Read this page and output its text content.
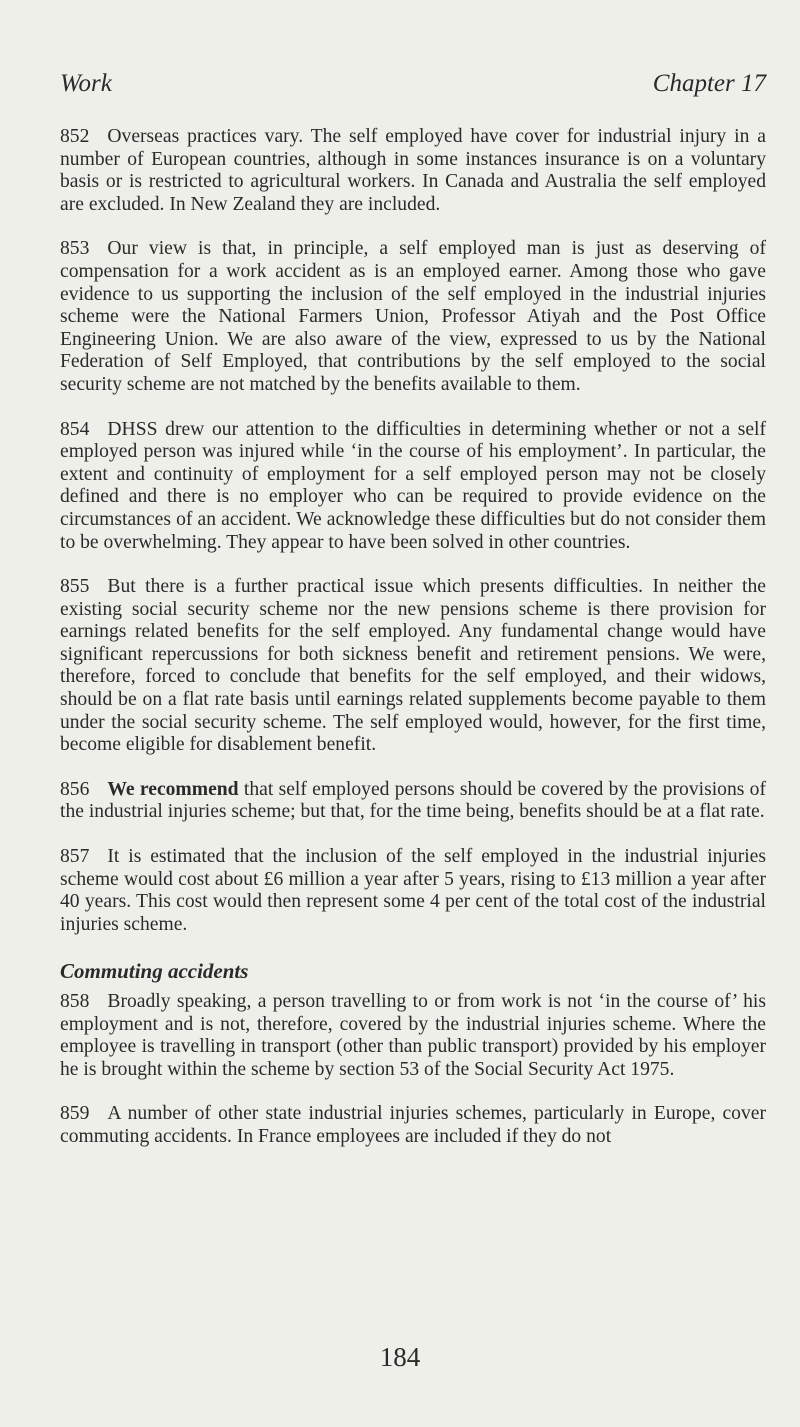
Work	Chapter 17

852 Overseas practices vary. The self employed have cover for industrial injury in a number of European countries, although in some instances insurance is on a voluntary basis or is restricted to agricultural workers. In Canada and Australia the self employed are excluded. In New Zealand they are included.

853 Our view is that, in principle, a self employed man is just as deserving of compensation for a work accident as is an employed earner. Among those who gave evidence to us supporting the inclusion of the self employed in the industrial injuries scheme were the National Farmers Union, Professor Atiyah and the Post Office Engineering Union. We are also aware of the view, expressed to us by the National Federation of Self Employed, that contributions by the self employed to the social security scheme are not matched by the benefits available to them.

854 DHSS drew our attention to the difficulties in determining whether or not a self employed person was injured while ‘in the course of his employment’. In particular, the extent and continuity of employment for a self employed person may not be closely defined and there is no employer who can be required to provide evidence on the circumstances of an accident. We acknowledge these difficulties but do not consider them to be overwhelming. They appear to have been solved in other countries.

855 But there is a further practical issue which presents difficulties. In neither the existing social security scheme nor the new pensions scheme is there provision for earnings related benefits for the self employed. Any fundamental change would have significant repercussions for both sickness benefit and retirement pensions. We were, therefore, forced to conclude that benefits for the self employed, and their widows, should be on a flat rate basis until earnings related supplements become payable to them under the social security scheme. The self employed would, however, for the first time, become eligible for disablement benefit.

856 We recommend that self employed persons should be covered by the provisions of the industrial injuries scheme; but that, for the time being, benefits should be at a flat rate.

857 It is estimated that the inclusion of the self employed in the industrial injuries scheme would cost about £6 million a year after 5 years, rising to £13 million a year after 40 years. This cost would then represent some 4 per cent of the total cost of the industrial injuries scheme.

Commuting accidents

858 Broadly speaking, a person travelling to or from work is not ‘in the course of’ his employment and is not, therefore, covered by the industrial injuries scheme. Where the employee is travelling in transport (other than public transport) provided by his employer he is brought within the scheme by section 53 of the Social Security Act 1975.

859 A number of other state industrial injuries schemes, particularly in Europe, cover commuting accidents. In France employees are included if they do not

184
